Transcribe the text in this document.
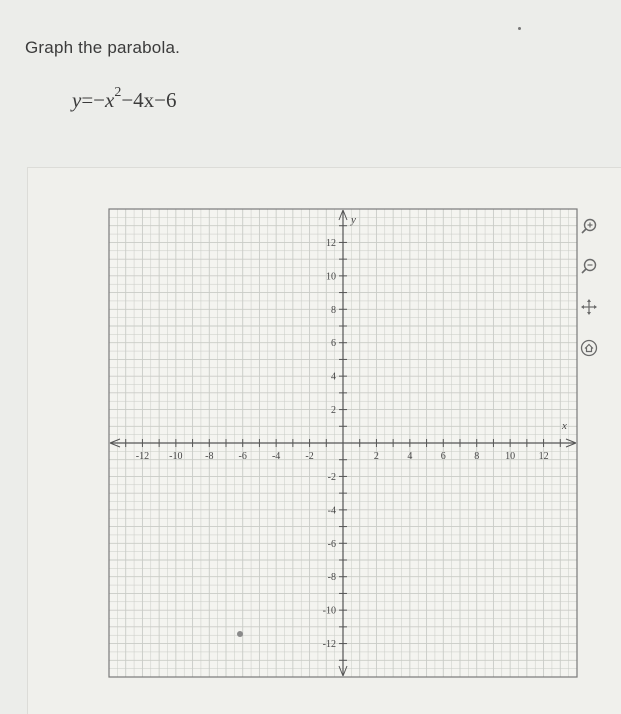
Graph the parabola.
$y=-x^2-4x-6$
-12 -10 -8	-6	-4	-2	2	4	6	8	10 12
12
10
8
6
4
2
-2
-4
-6
-8
-10
-12
x
y
